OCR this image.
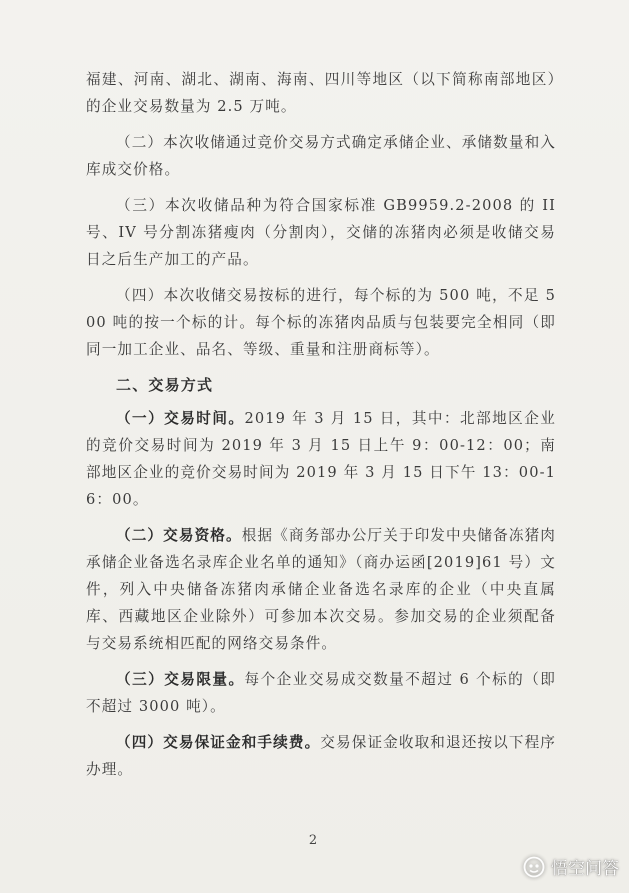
福建、河南、湖北、湖南、海南、四川等地区（以下简称南部地区）的企业交易数量为 2.5 万吨。

（二）本次收储通过竞价交易方式确定承储企业、承储数量和入库成交价格。

（三）本次收储品种为符合国家标准 GB9959.2-2008 的 II 号、IV 号分割冻猪瘦肉（分割肉），交储的冻猪肉必须是收储交易日之后生产加工的产品。

（四）本次收储交易按标的进行，每个标的为 500 吨，不足 500 吨的按一个标的计。每个标的冻猪肉品质与包装要完全相同（即同一加工企业、品名、等级、重量和注册商标等）。

二、交易方式

（一）交易时间。2019 年 3 月 15 日，其中：北部地区企业的竞价交易时间为 2019 年 3 月 15 日上午 9：00-12：00；南部地区企业的竞价交易时间为 2019 年 3 月 15 日下午 13：00-16：00。

（二）交易资格。根据《商务部办公厅关于印发中央储备冻猪肉承储企业备选名录库企业名单的通知》（商办运函[2019]61 号）文件，列入中央储备冻猪肉承储企业备选名录库的企业（中央直属库、西藏地区企业除外）可参加本次交易。参加交易的企业须配备与交易系统相匹配的网络交易条件。

（三）交易限量。每个企业交易成交数量不超过 6 个标的（即不超过 3000 吨）。

（四）交易保证金和手续费。交易保证金收取和退还按以下程序办理。

2
悟空问答
